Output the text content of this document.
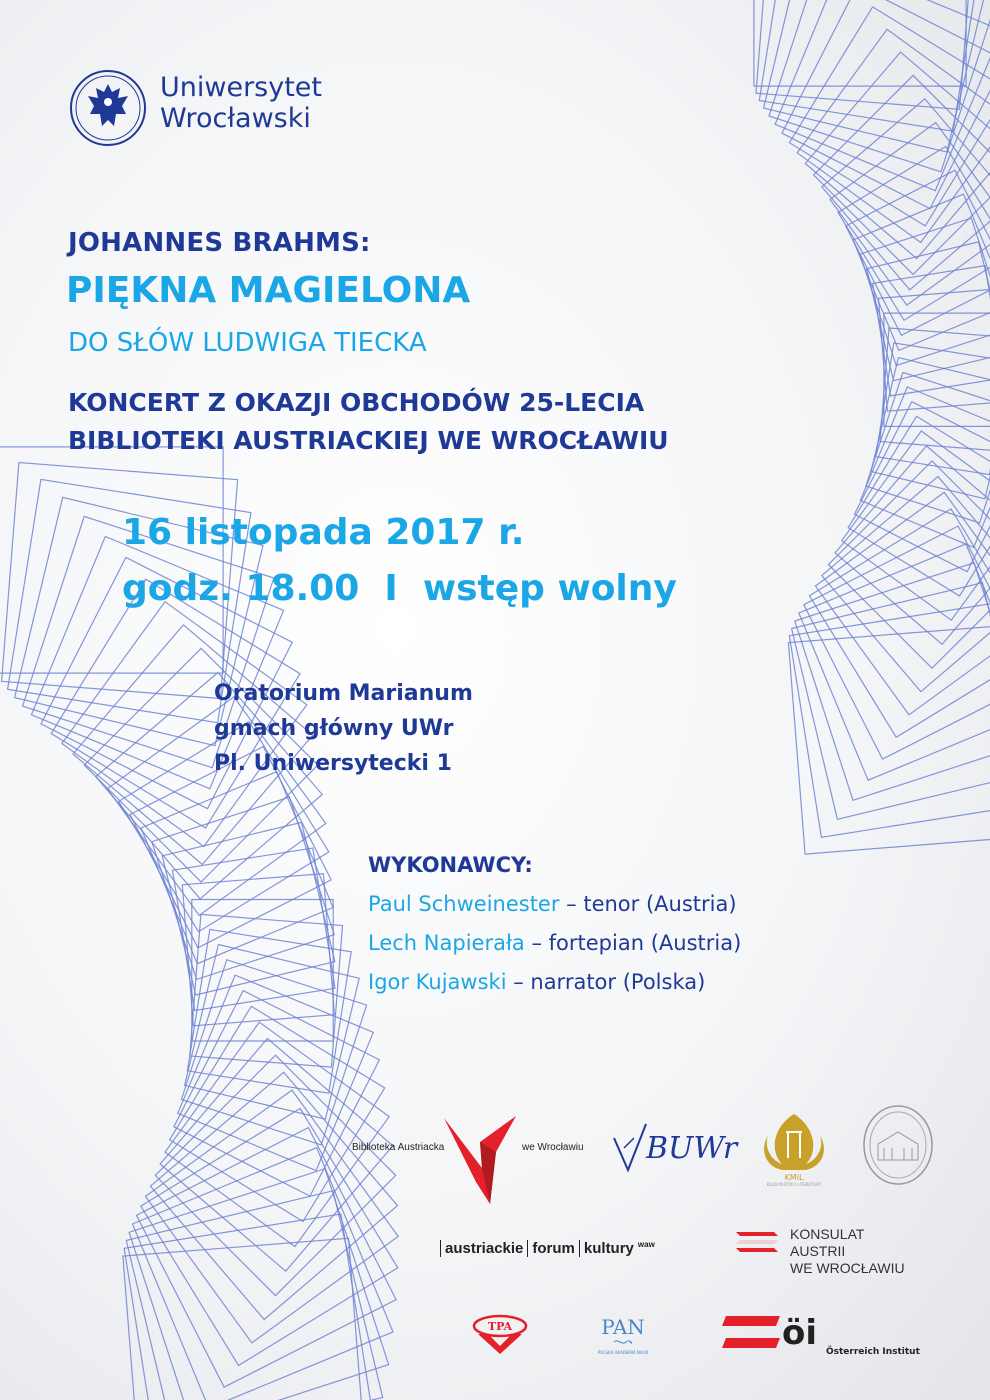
Uniwersytet
Wrocławski
JOHANNES BRAHMS:
PIĘKNA MAGIELONA
DO SŁÓW LUDWIGA TIECKA
KONCERT Z OKAZJI OBCHODÓW 25-LECIA
BIBLIOTEKI AUSTRIACKIEJ WE WROCŁAWIU
16 listopada 2017 r.
godz. 18.00  I  wstęp wolny
Oratorium Marianum
gmach główny UWr
Pl. Uniwersytecki 1
WYKONAWCY:
Paul Schweinester – tenor (Austria)
Lech Napierała – fortepian (Austria)
Igor Kujawski – narrator (Polska)
Biblioteka Austriacka	we Wrocławiu BUWr
KMiL
KLUB MUZYKI I LITERATURY
austriackie forum kultury $^{waw}$
KONSULAT
AUSTRII
WE WROCŁAWIU
TPA	PAN
POLSKA AKADEMIA NAUK	öi Österreich Institut
